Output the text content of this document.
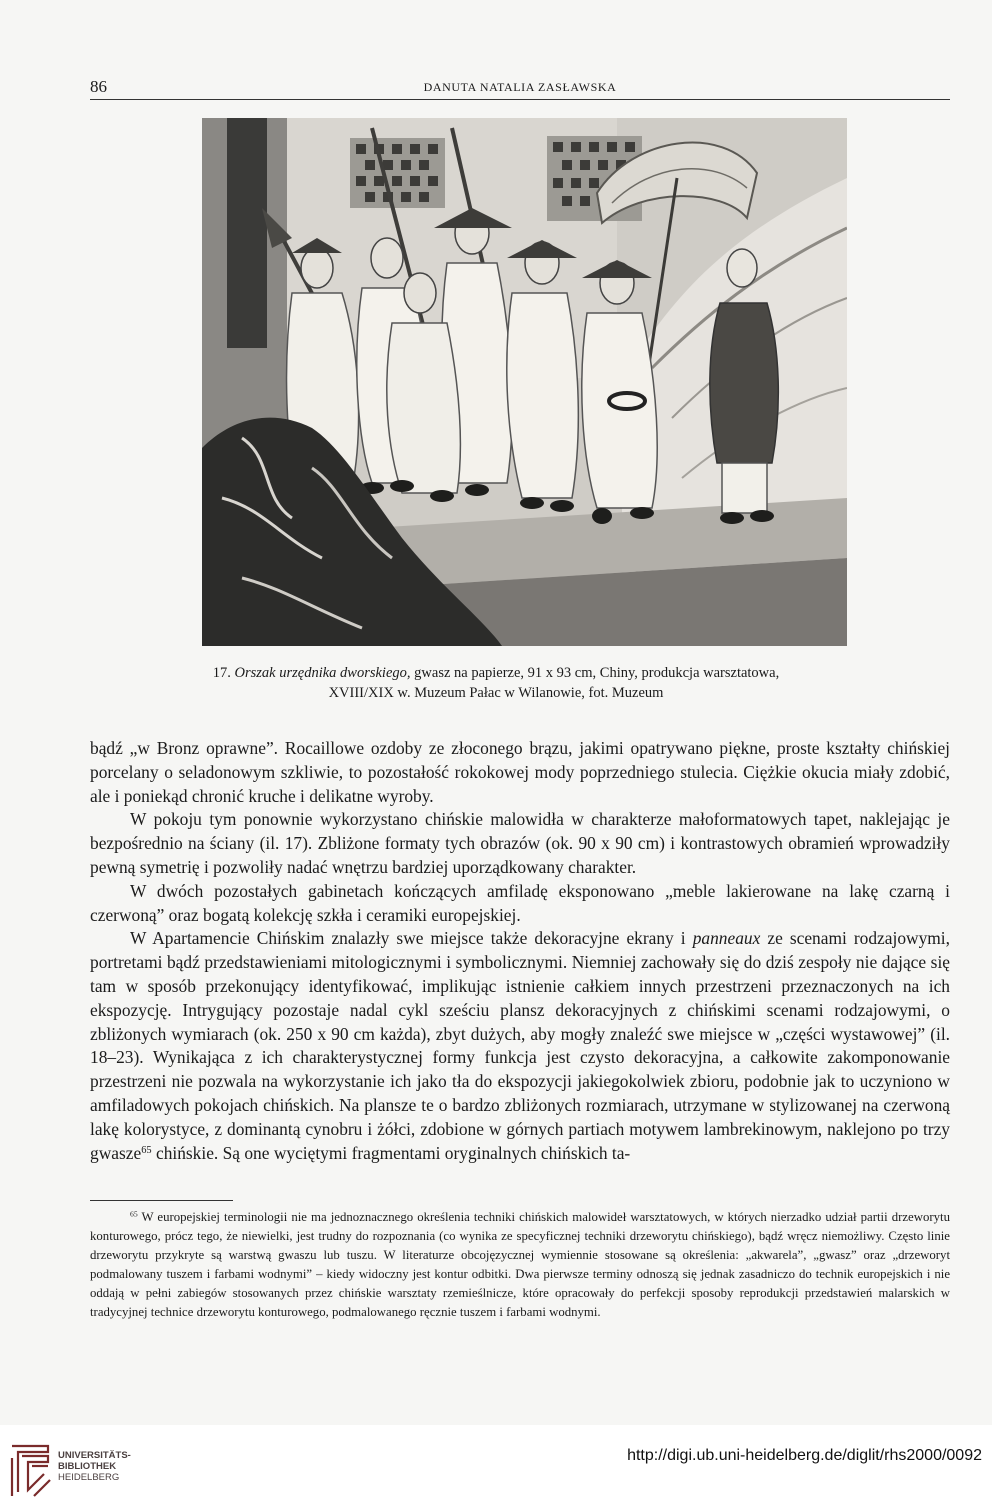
86	DANUTA NATALIA ZASŁAWSKA
17. Orszak urzędnika dworskiego, gwasz na papierze, 91 x 93 cm, Chiny, produkcja warsztatowa,
XVIII/XIX w. Muzeum Pałac w Wilanowie, fot. Muzeum

bądź „w Bronz oprawne”. Rocaillowe ozdoby ze złoconego brązu, jakimi opatrywano piękne, proste kształty chińskiej porcelany o seladonowym szkliwie, to pozostałość rokokowej mody poprzedniego stulecia. Ciężkie okucia miały zdobić, ale i poniekąd chronić kruche i delikatne wyroby.

W pokoju tym ponownie wykorzystano chińskie malowidła w charakterze małoformatowych tapet, naklejając je bezpośrednio na ściany (il. 17). Zbliżone formaty tych obrazów (ok. 90 x 90 cm) i kontrastowych obramień wprowadziły pewną symetrię i pozwoliły nadać wnętrzu bardziej uporządkowany charakter.

W dwóch pozostałych gabinetach kończących amfiladę eksponowano „meble lakierowane na lakę czarną i czerwoną” oraz bogatą kolekcję szkła i ceramiki europejskiej.

W Apartamencie Chińskim znalazły swe miejsce także dekoracyjne ekrany i panneaux ze scenami rodzajowymi, portretami bądź przedstawieniami mitologicznymi i symbolicznymi. Niemniej zachowały się do dziś zespoły nie dające się tam w sposób przekonujący identyfikować, implikując istnienie całkiem innych przestrzeni przeznaczonych na ich ekspozycję. Intrygujący pozostaje nadal cykl sześciu plansz dekoracyjnych z chińskimi scenami rodzajowymi, o zbliżonych wymiarach (ok. 250 x 90 cm każda), zbyt dużych, aby mogły znaleźć swe miejsce w „części wystawowej” (il. 18–23). Wynikająca z ich charakterystycznej formy funkcja jest czysto dekoracyjna, a całkowite zakomponowanie przestrzeni nie pozwala na wykorzystanie ich jako tła do ekspozycji jakiegokolwiek zbioru, podobnie jak to uczyniono w amfiladowych pokojach chińskich. Na plansze te o bardzo zbliżonych rozmiarach, utrzymane w stylizowanej na czerwoną lakę kolorystyce, z dominantą cynobru i żółci, zdobione w górnych partiach motywem lambrekinowym, naklejono po trzy gwasze$^{65}$ chińskie. Są one wyciętymi fragmentami oryginalnych chińskich ta-

$^{65}$ W europejskiej terminologii nie ma jednoznacznego określenia techniki chińskich malowideł warsztatowych, w których nierzadko udział partii drzeworytu konturowego, prócz tego, że niewielki, jest trudny do rozpoznania (co wynika ze specyficznej techniki drzeworytu chińskiego), bądź wręcz niemożliwy. Często linie drzeworytu przykryte są warstwą gwaszu lub tuszu. W literaturze obcojęzycznej wymiennie stosowane są określenia: „akwarela”, „gwasz” oraz „drzeworyt podmalowany tuszem i farbami wodnymi” – kiedy widoczny jest kontur odbitki. Dwa pierwsze terminy odnoszą się jednak zasadniczo do technik europejskich i nie oddają w pełni zabiegów stosowanych przez chińskie warsztaty rzemieślnicze, które opracowały do perfekcji sposoby reprodukcji przedstawień malarskich w tradycyjnej technice drzeworytu konturowego, podmalowanego ręcznie tuszem i farbami wodnymi.

UNIVERSITÄTS-
BIBLIOTHEK
HEIDELBERG
http://digi.ub.uni-heidelberg.de/diglit/rhs2000/0092
